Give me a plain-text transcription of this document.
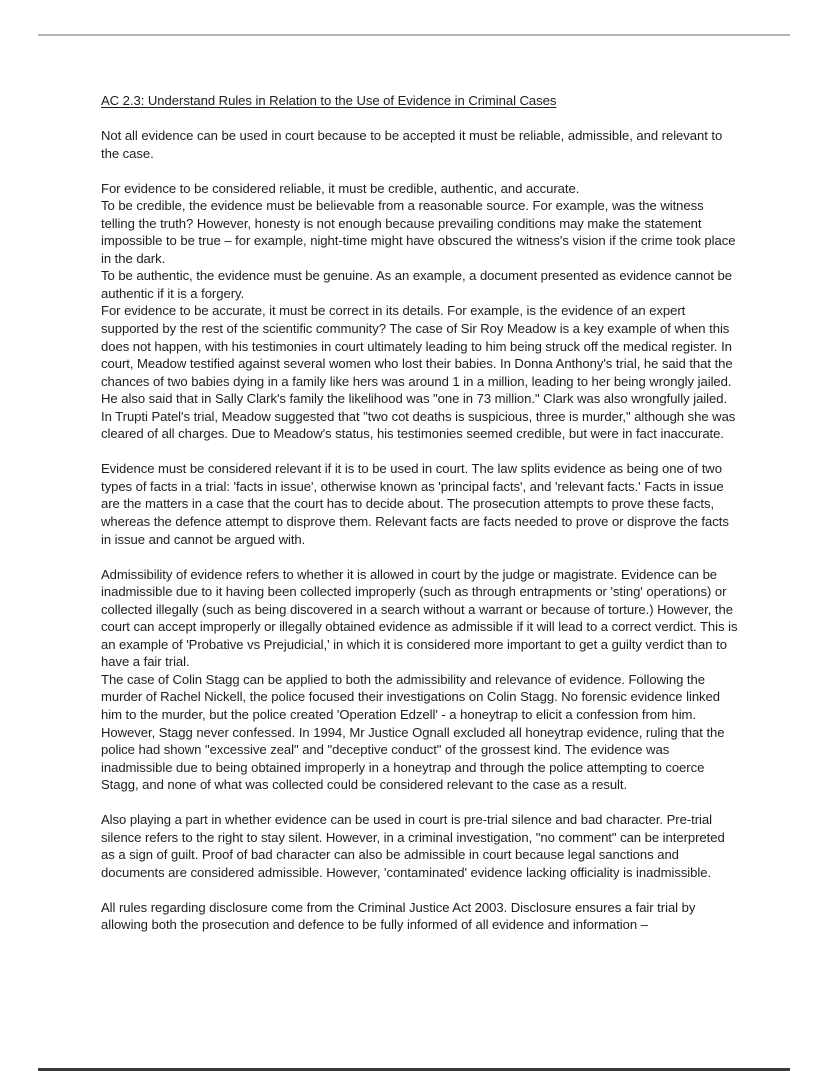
AC 2.3: Understand Rules in Relation to the Use of Evidence in Criminal Cases

Not all evidence can be used in court because to be accepted it must be reliable, admissible, and relevant to the case.

For evidence to be considered reliable, it must be credible, authentic, and accurate.

To be credible, the evidence must be believable from a reasonable source. For example, was the witness telling the truth? However, honesty is not enough because prevailing conditions may make the statement impossible to be true – for example, night-time might have obscured the witness's vision if the crime took place in the dark.

To be authentic, the evidence must be genuine. As an example, a document presented as evidence cannot be authentic if it is a forgery.

For evidence to be accurate, it must be correct in its details. For example, is the evidence of an expert supported by the rest of the scientific community? The case of Sir Roy Meadow is a key example of when this does not happen, with his testimonies in court ultimately leading to him being struck off the medical register. In court, Meadow testified against several women who lost their babies. In Donna Anthony's trial, he said that the chances of two babies dying in a family like hers was around 1 in a million, leading to her being wrongly jailed. He also said that in Sally Clark's family the likelihood was "one in 73 million." Clark was also wrongfully jailed. In Trupti Patel's trial, Meadow suggested that "two cot deaths is suspicious, three is murder," although she was cleared of all charges. Due to Meadow's status, his testimonies seemed credible, but were in fact inaccurate.

Evidence must be considered relevant if it is to be used in court. The law splits evidence as being one of two types of facts in a trial: 'facts in issue', otherwise known as 'principal facts', and 'relevant facts.' Facts in issue are the matters in a case that the court has to decide about. The prosecution attempts to prove these facts, whereas the defence attempt to disprove them. Relevant facts are facts needed to prove or disprove the facts in issue and cannot be argued with.

Admissibility of evidence refers to whether it is allowed in court by the judge or magistrate. Evidence can be inadmissible due to it having been collected improperly (such as through entrapments or 'sting' operations) or collected illegally (such as being discovered in a search without a warrant or because of torture.) However, the court can accept improperly or illegally obtained evidence as admissible if it will lead to a correct verdict. This is an example of 'Probative vs Prejudicial,' in which it is considered more important to get a guilty verdict than to have a fair trial.

The case of Colin Stagg can be applied to both the admissibility and relevance of evidence. Following the murder of Rachel Nickell, the police focused their investigations on Colin Stagg. No forensic evidence linked him to the murder, but the police created 'Operation Edzell' - a honeytrap to elicit a confession from him. However, Stagg never confessed. In 1994, Mr Justice Ognall excluded all honeytrap evidence, ruling that the police had shown "excessive zeal" and "deceptive conduct" of the grossest kind. The evidence was inadmissible due to being obtained improperly in a honeytrap and through the police attempting to coerce Stagg, and none of what was collected could be considered relevant to the case as a result.

Also playing a part in whether evidence can be used in court is pre-trial silence and bad character. Pre-trial silence refers to the right to stay silent. However, in a criminal investigation, "no comment" can be interpreted as a sign of guilt. Proof of bad character can also be admissible in court because legal sanctions and documents are considered admissible. However, 'contaminated' evidence lacking officiality is inadmissible.

All rules regarding disclosure come from the Criminal Justice Act 2003. Disclosure ensures a fair trial by allowing both the prosecution and defence to be fully informed of all evidence and information –
